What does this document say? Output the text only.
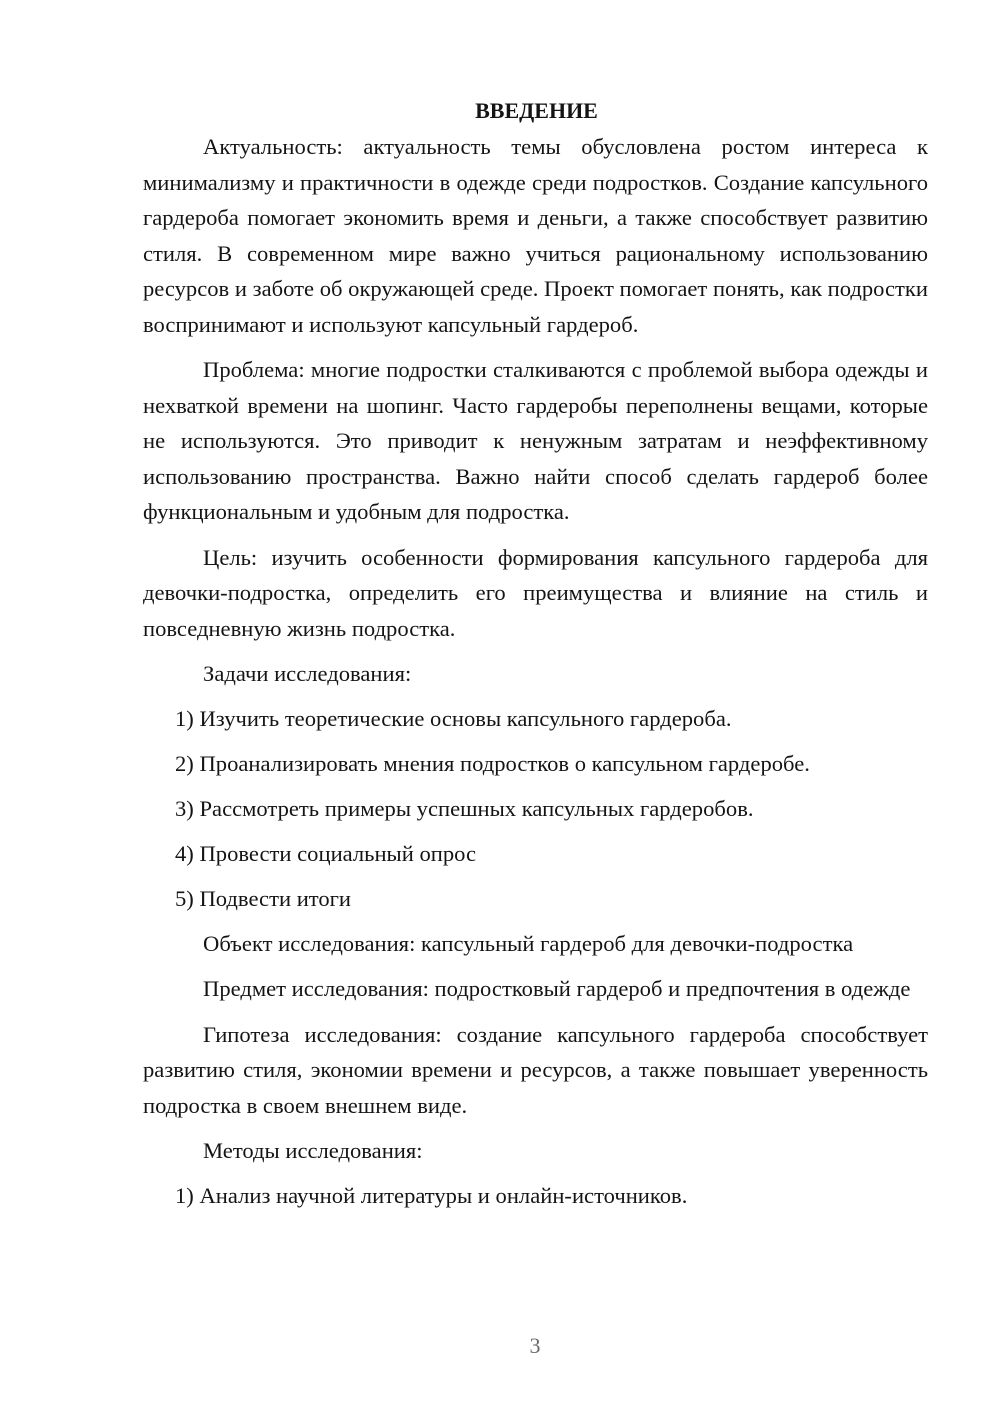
ВВЕДЕНИЕ

Актуальность: актуальность темы обусловлена ростом интереса к минимализму и практичности в одежде среди подростков. Создание капсульного гардероба помогает экономить время и деньги, а также способствует развитию стиля. В современном мире важно учиться рациональному использованию ресурсов и заботе об окружающей среде. Проект помогает понять, как подростки воспринимают и используют капсульный гардероб.

Проблема: многие подростки сталкиваются с проблемой выбора одежды и нехваткой времени на шопинг. Часто гардеробы переполнены вещами, которые не используются. Это приводит к ненужным затратам и неэффективному использованию пространства. Важно найти способ сделать гардероб более функциональным и удобным для подростка.

Цель: изучить особенности формирования капсульного гардероба для девочки-подростка, определить его преимущества и влияние на стиль и повседневную жизнь подростка.

Задачи исследования:

1) Изучить теоретические основы капсульного гардероба.
2) Проанализировать мнения подростков о капсульном гардеробе.
3) Рассмотреть примеры успешных капсульных гардеробов.
4) Провести социальный опрос
5) Подвести итоги

Объект исследования: капсульный гардероб для девочки-подростка

Предмет исследования: подростковый гардероб и предпочтения в одежде

Гипотеза исследования: создание капсульного гардероба способствует развитию стиля, экономии времени и ресурсов, а также повышает уверенность подростка в своем внешнем виде.

Методы исследования:

1) Анализ научной литературы и онлайн-источников.
3
